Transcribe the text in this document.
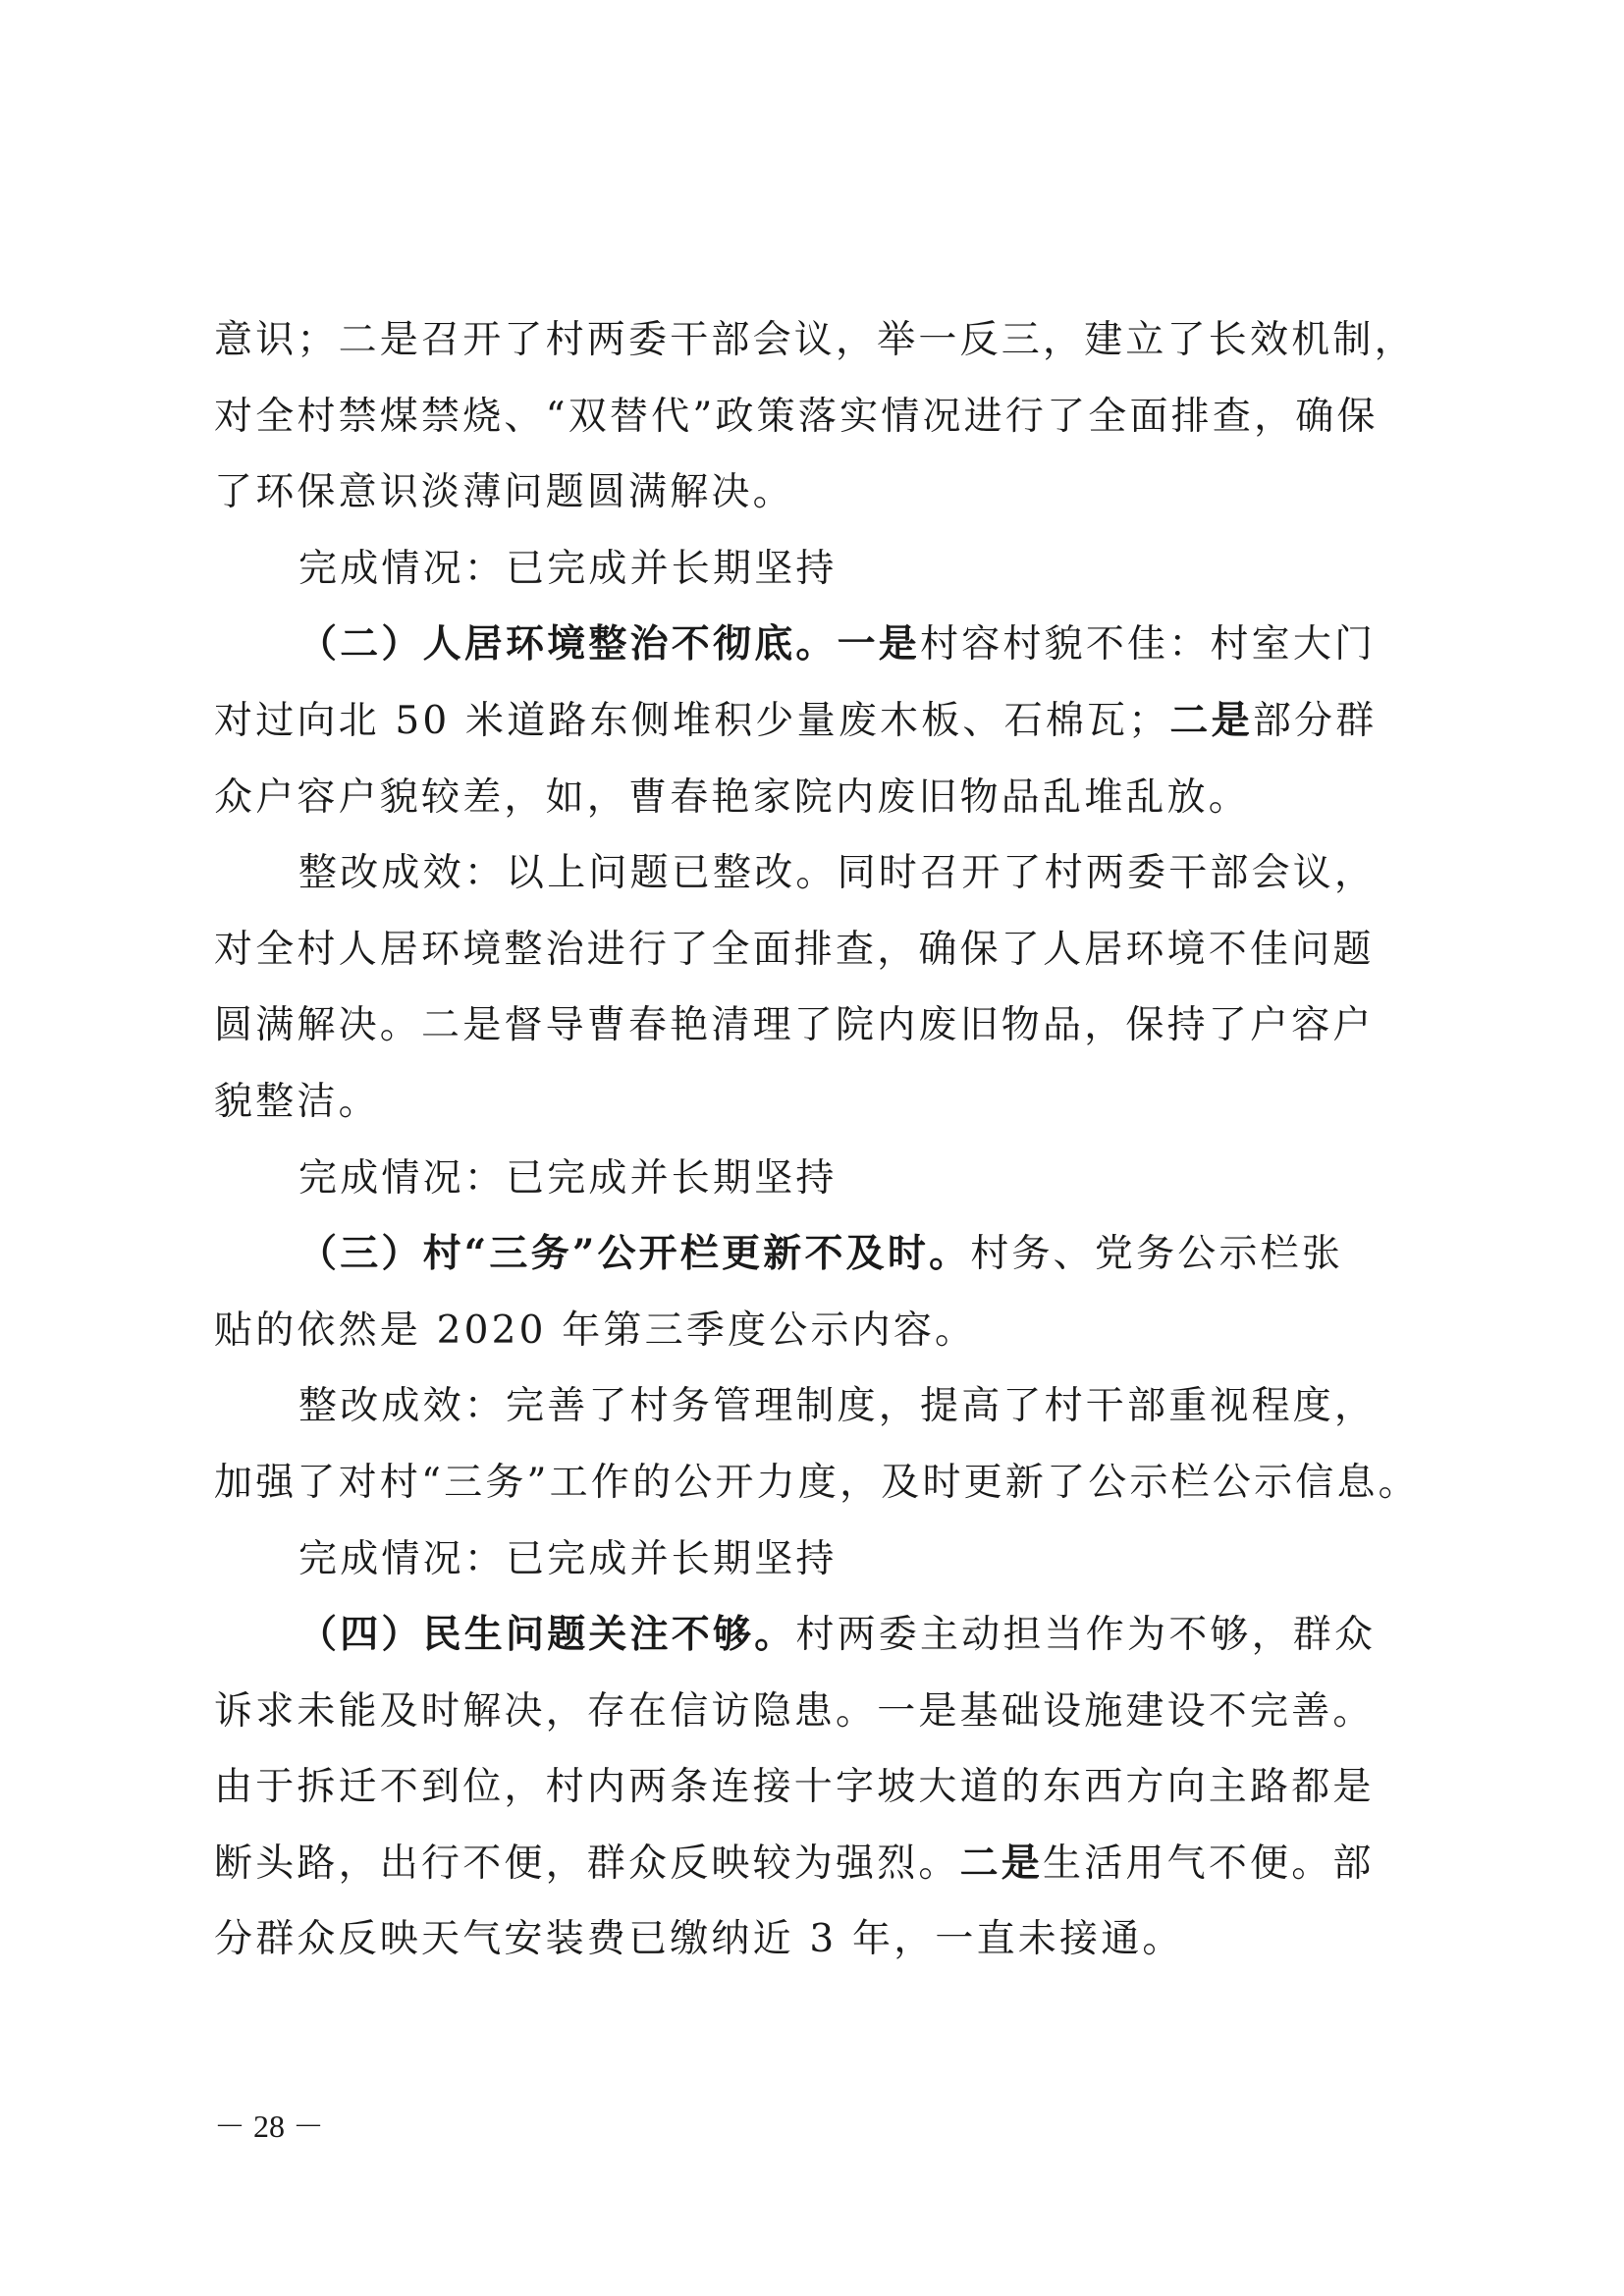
意识；二是召开了村两委干部会议，举一反三，建立了长效机制，
对全村禁煤禁烧、“双替代”政策落实情况进行了全面排查，确保
了环保意识淡薄问题圆满解决。
完成情况：已完成并长期坚持
（二）人居环境整治不彻底。一是村容村貌不佳：村室大门
对过向北 50 米道路东侧堆积少量废木板、石棉瓦；二是部分群
众户容户貌较差，如，曹春艳家院内废旧物品乱堆乱放。
整改成效：以上问题已整改。同时召开了村两委干部会议，
对全村人居环境整治进行了全面排查，确保了人居环境不佳问题
圆满解决。二是督导曹春艳清理了院内废旧物品，保持了户容户
貌整洁。
完成情况：已完成并长期坚持
（三）村“三务”公开栏更新不及时。村务、党务公示栏张
贴的依然是 2020 年第三季度公示内容。
整改成效：完善了村务管理制度，提高了村干部重视程度，
加强了对村“三务”工作的公开力度，及时更新了公示栏公示信息。
完成情况：已完成并长期坚持
（四）民生问题关注不够。村两委主动担当作为不够，群众
诉求未能及时解决，存在信访隐患。一是基础设施建设不完善。
由于拆迁不到位，村内两条连接十字坡大道的东西方向主路都是
断头路，出行不便，群众反映较为强烈。二是生活用气不便。部
分群众反映天气安装费已缴纳近 3 年，一直未接通。
－ 28 －
